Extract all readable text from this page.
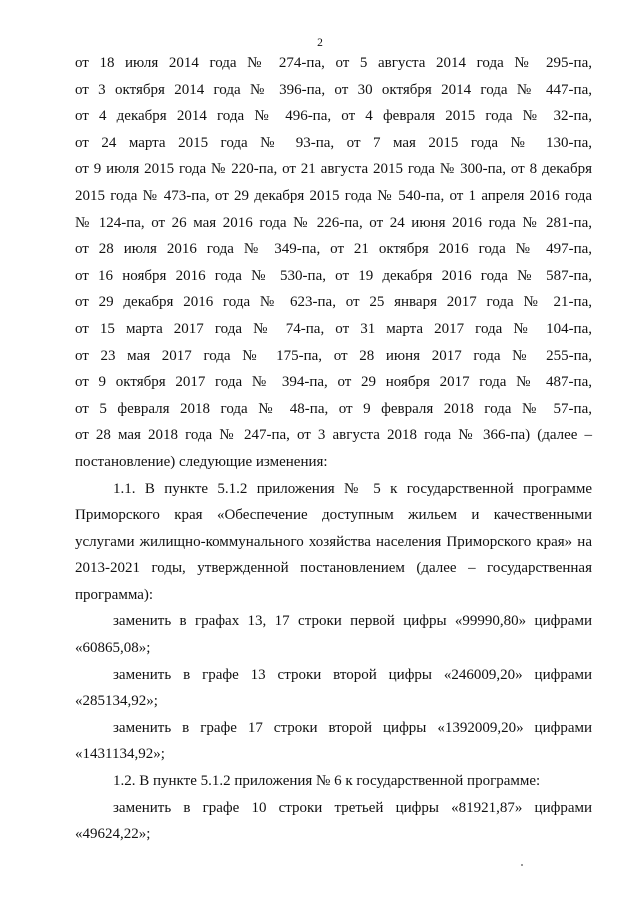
2
от 18 июля 2014 года № 274-па, от 5 августа 2014 года № 295-па,
от 3 октября 2014 года № 396-па, от 30 октября 2014 года № 447-па,
от 4 декабря 2014 года № 496-па, от 4 февраля 2015 года № 32-па,
от 24 марта 2015 года № 93-па, от 7 мая 2015 года № 130-па,
от 9 июля 2015 года № 220-па, от 21 августа 2015 года № 300-па, от 8 декабря
2015 года № 473-па, от 29 декабря 2015 года № 540-па, от 1 апреля 2016 года
№ 124-па, от 26 мая 2016 года № 226-па, от 24 июня 2016 года № 281-па,
от 28 июля 2016 года № 349-па, от 21 октября 2016 года № 497-па,
от 16 ноября 2016 года № 530-па, от 19 декабря 2016 года № 587-па,
от 29 декабря 2016 года № 623-па, от 25 января 2017 года № 21-па,
от 15 марта 2017 года № 74-па, от 31 марта 2017 года № 104-па,
от 23 мая 2017 года № 175-па, от 28 июня 2017 года № 255-па,
от 9 октября 2017 года № 394-па, от 29 ноября 2017 года № 487-па,
от 5 февраля 2018 года № 48-па, от 9 февраля 2018 года № 57-па,
от 28 мая 2018 года № 247-па, от 3 августа 2018 года № 366-па) (далее –
постановление) следующие изменения:
1.1. В пункте 5.1.2 приложения № 5 к государственной программе
Приморского края «Обеспечение доступным жильем и качественными
услугами жилищно-коммунального хозяйства населения Приморского края» на
2013-2021 годы, утвержденной постановлением (далее – государственная
программа):
заменить в графах 13, 17 строки первой цифры «99990,80» цифрами
«60865,08»;
заменить в графе 13 строки второй цифры «246009,20» цифрами
«285134,92»;
заменить в графе 17 строки второй цифры «1392009,20» цифрами
«1431134,92»;
1.2. В пункте 5.1.2 приложения № 6 к государственной программе:
заменить в графе 10 строки третьей цифры «81921,87» цифрами
«49624,22»;
